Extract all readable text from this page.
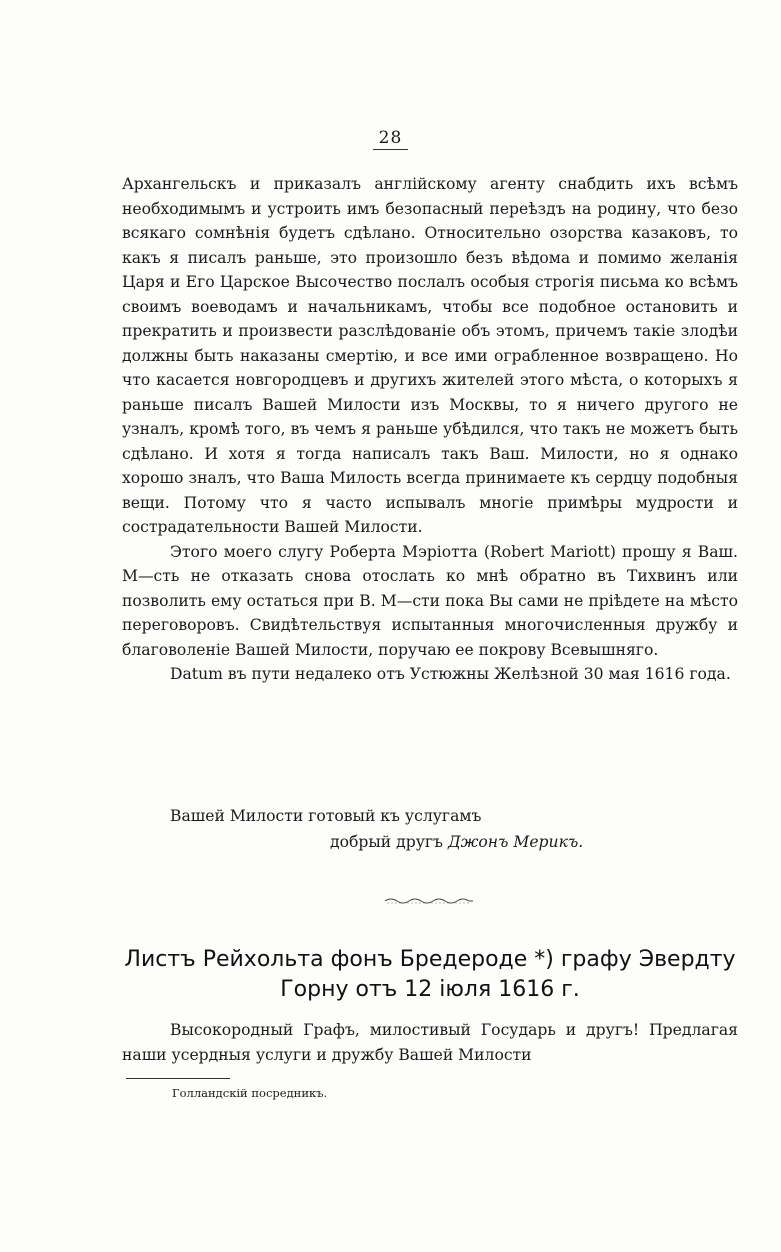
28

Архангельскъ и приказалъ англійскому агенту снабдить ихъ всѣмъ необходимымъ и устроить имъ безопасный переѣздъ на родину, что безо всякаго сомнѣнія будетъ сдѣлано. Относительно озорства казаковъ, то какъ я писалъ раньше, это произошло безъ вѣдома и помимо желанія Царя и Его Царское Высочество послалъ особыя строгія письма ко всѣмъ своимъ воеводамъ и начальникамъ, чтобы все подобное остановить и прекратить и произвести разслѣдованіе объ этомъ, причемъ такіе злодѣи должны быть наказаны смертію, и все ими ограбленное возвращено. Но что касается новгородцевъ и другихъ жителей этого мѣста, о которыхъ я раньше писалъ Вашей Милости изъ Москвы, то я ничего другого не узналъ, кромѣ того, въ чемъ я раньше убѣдился, что такъ не можетъ быть сдѣлано. И хотя я тогда написалъ такъ Ваш. Милости, но я однако хорошо зналъ, что Ваша Милость всегда принимаете къ сердцу подобныя вещи. Потому что я часто испывалъ многіе примѣры мудрости и сострадательности Вашей Милости.

Этого моего слугу Роберта Мэріотта (Robert Mariott) прошу я Ваш. М—сть не отказать снова отослать ко мнѣ обратно въ Тихвинъ или позволить ему остаться при В. М—сти пока Вы сами не пріѣдете на мѣсто переговоровъ. Свидѣтельствуя испытанныя многочисленныя дружбу и благоволеніе Вашей Милости, поручаю ее покрову Всевышняго.

Datum въ пути недалеко отъ Устюжны Желѣзной 30 мая 1616 года.

Вашей Милости готовый къ услугамъ
добрый другъ Джонъ Мерикъ.
Листъ Рейхольта фонъ Бредероде *) графу Эвердту
Горну отъ 12 іюля 1616 г.

Высокородный Графъ, милостивый Государь и другъ! Предлагая наши усердныя услуги и дружбу Вашей Милости

Голландскій посредникъ.
